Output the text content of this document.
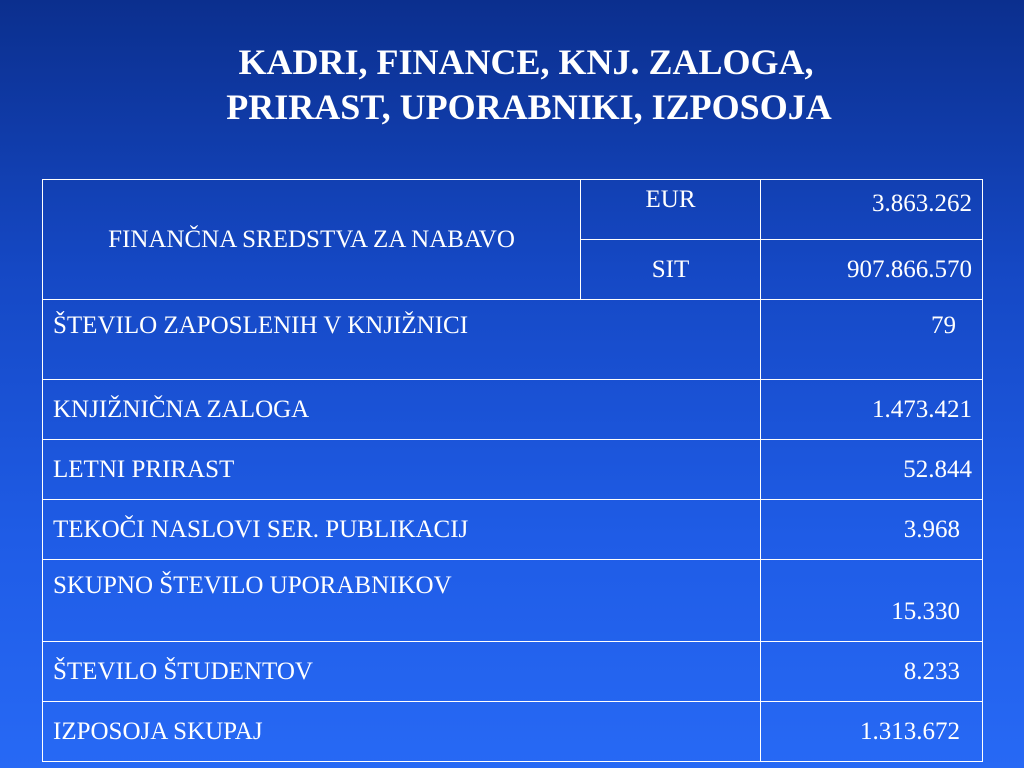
KADRI, FINANCE, KNJ. ZALOGA,
PRIRAST, UPORABNIKI, IZPOSOJA
FINANČNA SREDSTVA ZA NABAVO	EUR	3.863.262
	SIT	907.866.570
ŠTEVILO ZAPOSLENIH V KNJIŽNICI		79
KNJIŽNIČNA ZALOGA		1.473.421
LETNI PRIRAST		52.844
TEKOČI NASLOVI SER. PUBLIKACIJ		3.968
SKUPNO ŠTEVILO UPORABNIKOV		15.330
ŠTEVILO ŠTUDENTOV		8.233
IZPOSOJA SKUPAJ		1.313.672
